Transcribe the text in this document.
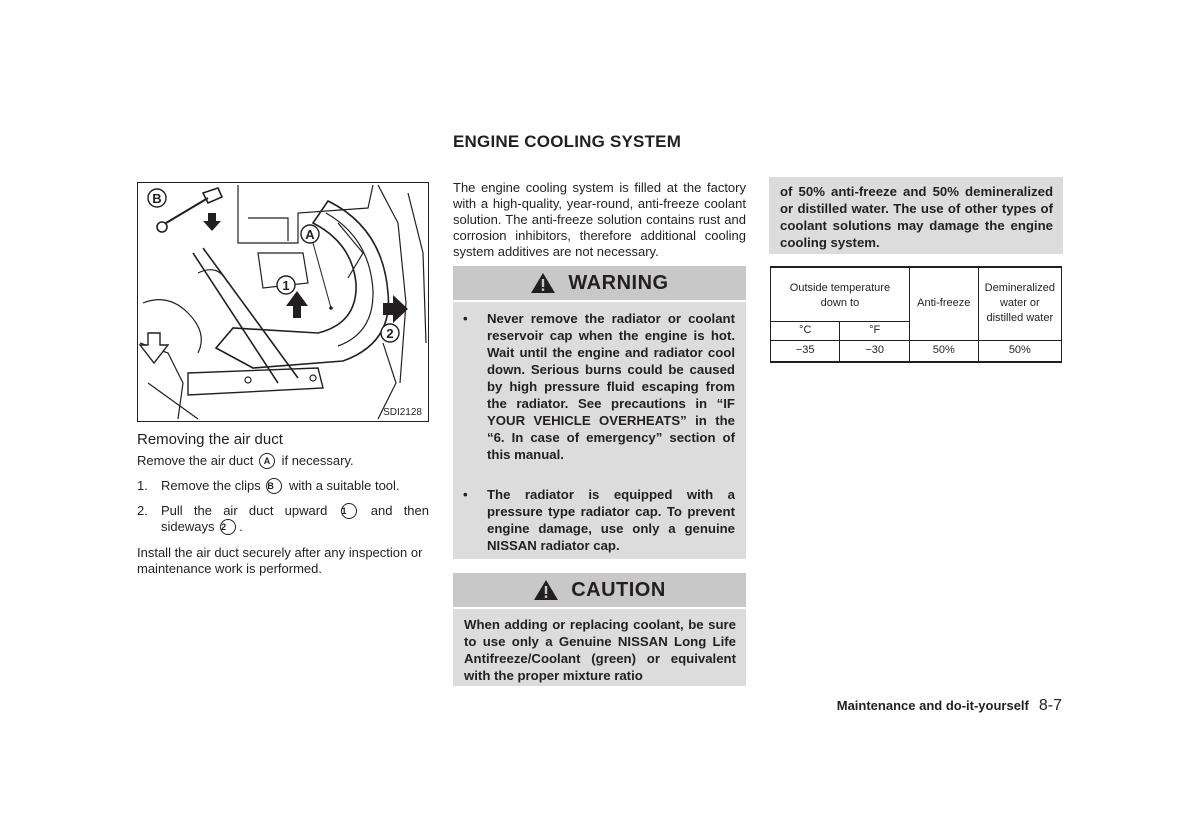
ENGINE COOLING SYSTEM
B
A
1
2
SDI2128
Removing the air duct
Remove the air duct A if necessary.
1. Remove the clips B with a suitable tool.
2. Pull the air duct upward 1 and then sideways 2 .
Install the air duct securely after any inspection or maintenance work is performed.
The engine cooling system is filled at the factory with a high-quality, year-round, anti-freeze coolant solution. The anti-freeze solution contains rust and corrosion inhibitors, therefore additional cooling system additives are not necessary.
WARNING
• Never remove the radiator or coolant reservoir cap when the engine is hot. Wait until the engine and radiator cool down. Serious burns could be caused by high pressure fluid escaping from the radiator. See precautions in “IF YOUR VEHICLE OVERHEATS” in the “6. In case of emergency” section of this manual.
• The radiator is equipped with a pressure type radiator cap. To prevent engine damage, use only a genuine NISSAN radiator cap.
CAUTION

When adding or replacing coolant, be sure to use only a Genuine NISSAN Long Life Antifreeze/Coolant (green) or equivalent with the proper mixture ratio

of 50% anti-freeze and 50% demineralized or distilled water. The use of other types of coolant solutions may damage the engine cooling system.

Outside temperature down to		Anti-freeze	Demineralized water or distilled water
°C	°F		
−35	−30	50%	50%
Maintenance and do-it-yourself 8-7
